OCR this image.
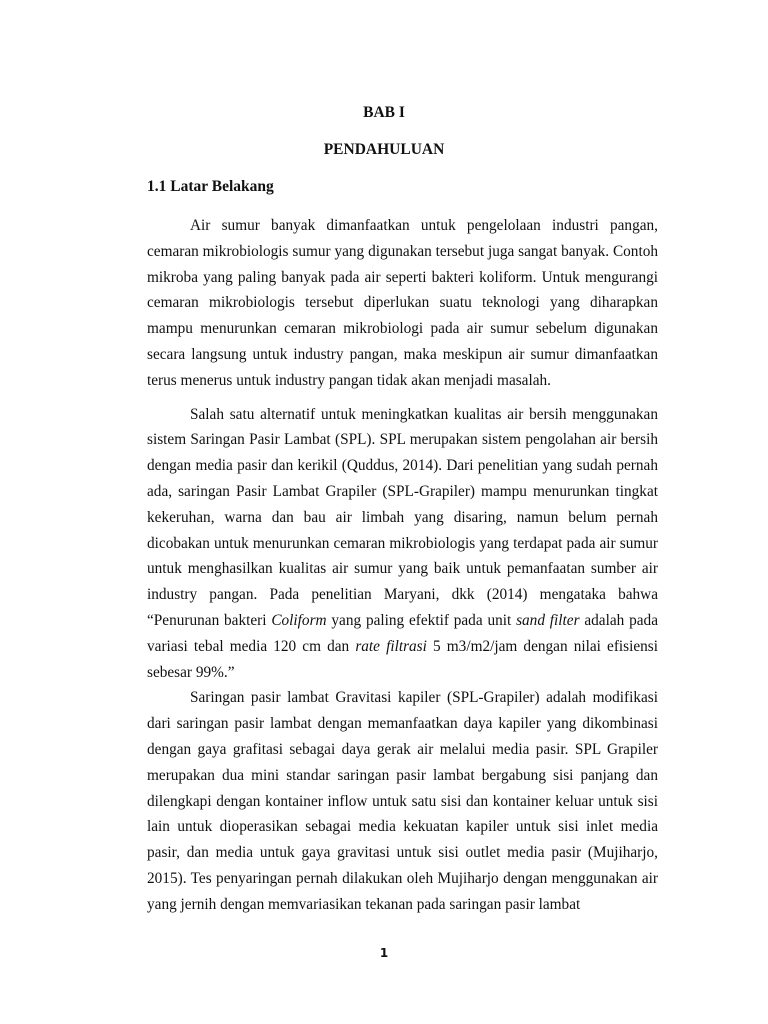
BAB I
PENDAHULUAN
1.1 Latar Belakang

Air sumur banyak dimanfaatkan untuk pengelolaan industri pangan, cemaran mikrobiologis sumur yang digunakan tersebut juga sangat banyak. Contoh mikroba yang paling banyak pada air seperti bakteri koliform. Untuk mengurangi cemaran mikrobiologis tersebut diperlukan suatu teknologi yang diharapkan mampu menurunkan cemaran mikrobiologi pada air sumur sebelum digunakan secara langsung untuk industry pangan, maka meskipun air sumur dimanfaatkan terus menerus untuk industry pangan tidak akan menjadi masalah.

Salah satu alternatif untuk meningkatkan kualitas air bersih menggunakan sistem Saringan Pasir Lambat (SPL). SPL merupakan sistem pengolahan air bersih dengan media pasir dan kerikil (Quddus, 2014). Dari penelitian yang sudah pernah ada, saringan Pasir Lambat Grapiler (SPL-Grapiler) mampu menurunkan tingkat kekeruhan, warna dan bau air limbah yang disaring, namun belum pernah dicobakan untuk menurunkan cemaran mikrobiologis yang terdapat pada air sumur untuk menghasilkan kualitas air sumur yang baik untuk pemanfaatan sumber air industry pangan. Pada penelitian Maryani, dkk (2014) mengataka bahwa “Penurunan bakteri Coliform yang paling efektif pada unit sand filter adalah pada variasi tebal media 120 cm dan rate filtrasi 5 m3/m2/jam dengan nilai efisiensi sebesar 99%.”

Saringan pasir lambat Gravitasi kapiler (SPL-Grapiler) adalah modifikasi dari saringan pasir lambat dengan memanfaatkan daya kapiler yang dikombinasi dengan gaya grafitasi sebagai daya gerak air melalui media pasir. SPL Grapiler merupakan dua mini standar saringan pasir lambat bergabung sisi panjang dan dilengkapi dengan kontainer inflow untuk satu sisi dan kontainer keluar untuk sisi lain untuk dioperasikan sebagai media kekuatan kapiler untuk sisi inlet media pasir, dan media untuk gaya gravitasi untuk sisi outlet media pasir (Mujiharjo, 2015). Tes penyaringan pernah dilakukan oleh Mujiharjo dengan menggunakan air yang jernih dengan memvariasikan tekanan pada saringan pasir lambat

1
